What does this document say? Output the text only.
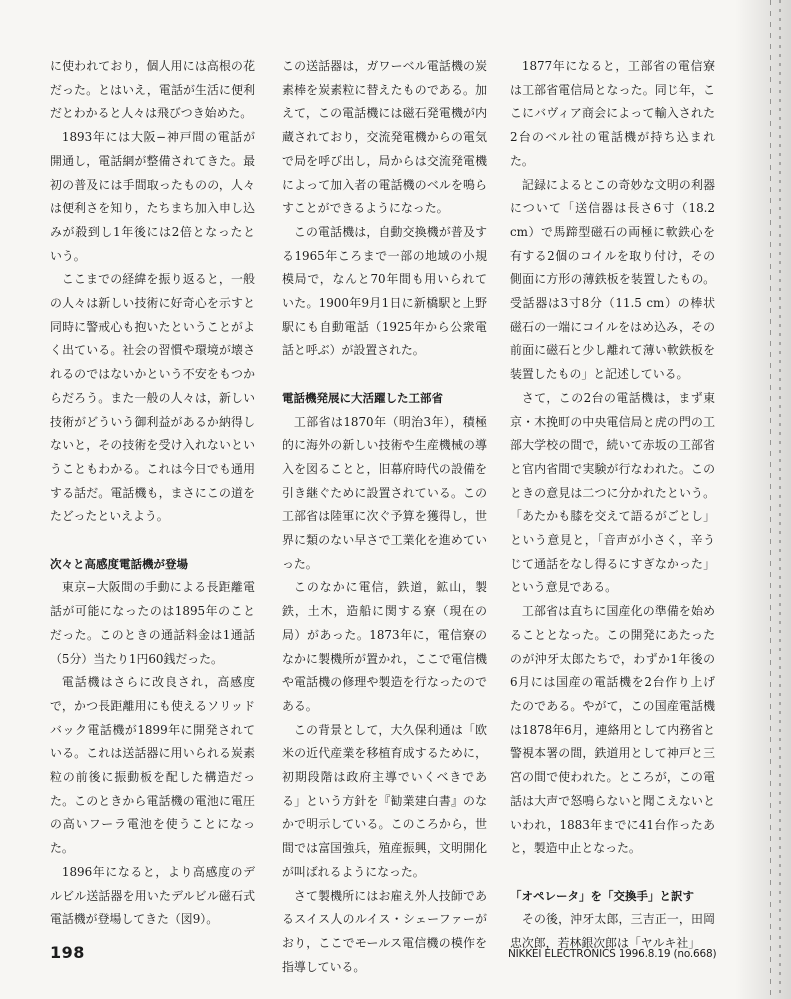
に使われており，個人用には高根の花だった。とはいえ，電話が生活に便利だとわかると人々は飛びつき始めた。

1893年には大阪−神戸間の電話が開通し，電話網が整備されてきた。最初の普及には手間取ったものの，人々は便利さを知り，たちまち加入申し込みが殺到し1年後には2倍となったという。

ここまでの経緯を振り返ると，一般の人々は新しい技術に好奇心を示すと同時に警戒心も抱いたということがよく出ている。社会の習慣や環境が壊されるのではないかという不安をもつからだろう。また一般の人々は，新しい技術がどういう御利益があるか納得しないと，その技術を受け入れないということもわかる。これは今日でも通用する話だ。電話機も，まさにこの道をたどったといえよう。

次々と高感度電話機が登場

東京−大阪間の手動による長距離電話が可能になったのは1895年のことだった。このときの通話料金は1通話（5分）当たり1円60銭だった。

電話機はさらに改良され，高感度で，かつ長距離用にも使えるソリッドバック電話機が1899年に開発されている。これは送話器に用いられる炭素粒の前後に振動板を配した構造だった。このときから電話機の電池に電圧の高いフーラ電池を使うことになった。

1896年になると，より高感度のデルビル送話器を用いたデルビル磁石式電話機が登場してきた（図9）。

この送話器は，ガワーベル電話機の炭素棒を炭素粒に替えたものである。加えて，この電話機には磁石発電機が内蔵されており，交流発電機からの電気で局を呼び出し，局からは交流発電機によって加入者の電話機のベルを鳴らすことができるようになった。

この電話機は，自動交換機が普及する1965年ころまで一部の地域の小規模局で，なんと70年間も用いられていた。1900年9月1日に新橋駅と上野駅にも自動電話（1925年から公衆電話と呼ぶ）が設置された。

電話機発展に大活躍した工部省

工部省は1870年（明治3年），積極的に海外の新しい技術や生産機械の導入を図ることと，旧幕府時代の設備を引き継ぐために設置されている。この工部省は陸軍に次ぐ予算を獲得し，世界に類のない早さで工業化を進めていった。

このなかに電信，鉄道，鉱山，製鉄，土木，造船に関する寮（現在の局）があった。1873年に，電信寮のなかに製機所が置かれ，ここで電信機や電話機の修理や製造を行なったのである。

この背景として，大久保利通は「欧米の近代産業を移植育成するために，初期段階は政府主導でいくべきである」という方針を『勧業建白書』のなかで明示している。このころから，世間では富国強兵，殖産振興，文明開化が叫ばれるようになった。

さて製機所にはお雇え外人技師であるスイス人のルイス・シェーファーがおり，ここでモールス電信機の模作を指導している。

1877年になると，工部省の電信寮は工部省電信局となった。同じ年，ここにバヴィア商会によって輸入された2台のベル社の電話機が持ち込まれた。

記録によるとこの奇妙な文明の利器について「送信器は長さ6寸（18.2 cm）で馬蹄型磁石の両極に軟鉄心を有する2個のコイルを取り付け，その側面に方形の薄鉄板を装置したもの。受話器は3寸8分（11.5 cm）の棒状磁石の一端にコイルをはめ込み，その前面に磁石と少し離れて薄い軟鉄板を装置したもの」と記述している。

さて，この2台の電話機は，まず東京・木挽町の中央電信局と虎の門の工部大学校の間で，続いて赤坂の工部省と官内省間で実験が行なわれた。このときの意見は二つに分かれたという。「あたかも膝を交えて語るがごとし」という意見と，「音声が小さく，辛うじて通話をなし得るにすぎなかった」という意見である。

工部省は直ちに国産化の準備を始めることとなった。この開発にあたったのが沖牙太郎たちで，わずか1年後の6月には国産の電話機を2台作り上げたのである。やがて，この国産電話機は1878年6月，連絡用として内務省と警視本署の間，鉄道用として神戸と三宮の間で使われた。ところが，この電話は大声で怒鳴らないと聞こえないといわれ，1883年までに41台作ったあと，製造中止となった。

「オペレータ」を「交換手」と訳す

その後，沖牙太郎，三吉正一，田岡忠次郎，若林銀次郎は「ヤルキ社」

198	NIKKEI ELECTRONICS 1996.8.19 (no.668)
